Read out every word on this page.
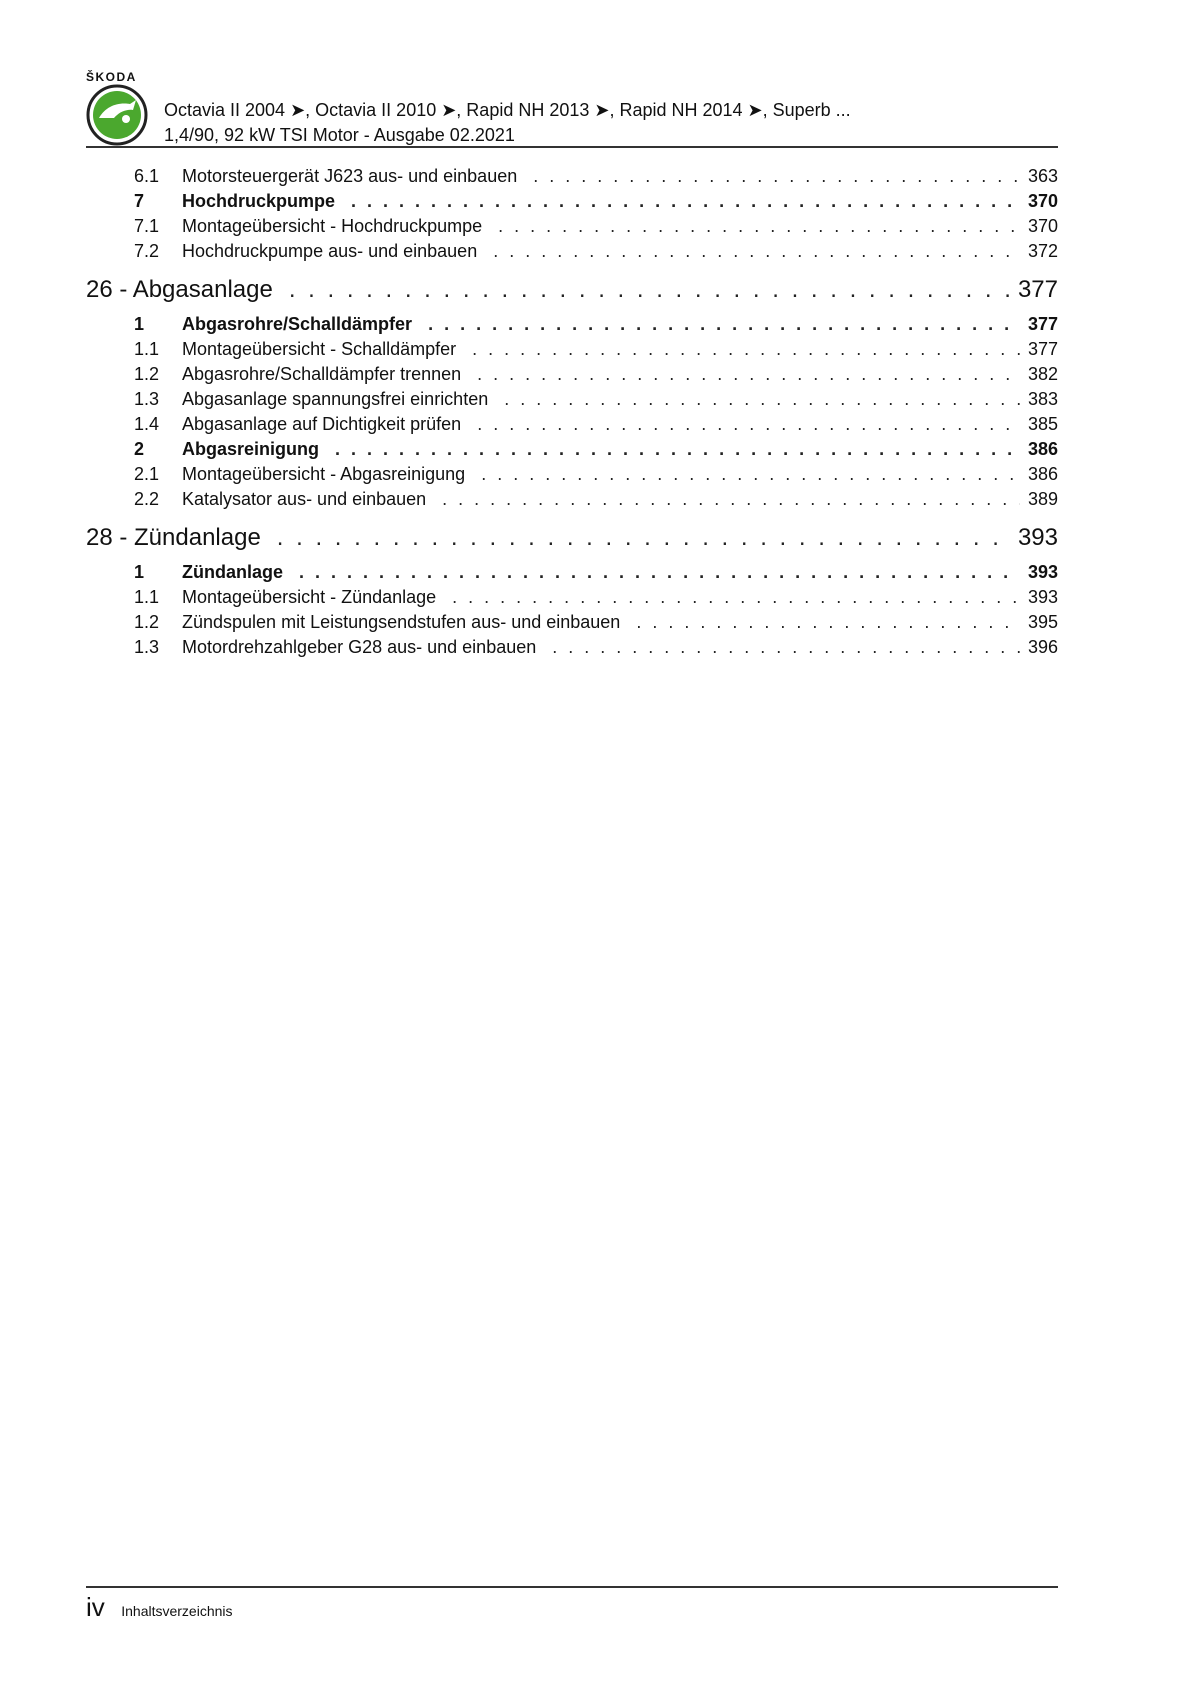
ŠKODA
Octavia II 2004 ➤, Octavia II 2010 ➤, Rapid NH 2013 ➤, Rapid NH 2014 ➤, Superb ...
1,4/90, 92 kW TSI Motor - Ausgabe 02.2021
6.1	Motorsteuergerät J623 aus- und einbauen . . .	363
7	Hochdruckpumpe . . .	370
7.1	Montageübersicht - Hochdruckpumpe . . .	370
7.2	Hochdruckpumpe aus- und einbauen . . .	372
26 - Abgasanlage . . .	377
1	Abgasrohre/Schalldämpfer . . .	377
1.1	Montageübersicht - Schalldämpfer . . .	377
1.2	Abgasrohre/Schalldämpfer trennen . . .	382
1.3	Abgasanlage spannungsfrei einrichten . . .	383
1.4	Abgasanlage auf Dichtigkeit prüfen . . .	385
2	Abgasreinigung . . .	386
2.1	Montageübersicht - Abgasreinigung . . .	386
2.2	Katalysator aus- und einbauen . . .	389
28 - Zündanlage . . .	393
1	Zündanlage . . .	393
1.1	Montageübersicht - Zündanlage . . .	393
1.2	Zündspulen mit Leistungsendstufen aus- und einbauen . . .	395
1.3	Motordrehzahlgeber G28 aus- und einbauen . . .	396
iv Inhaltsverzeichnis
